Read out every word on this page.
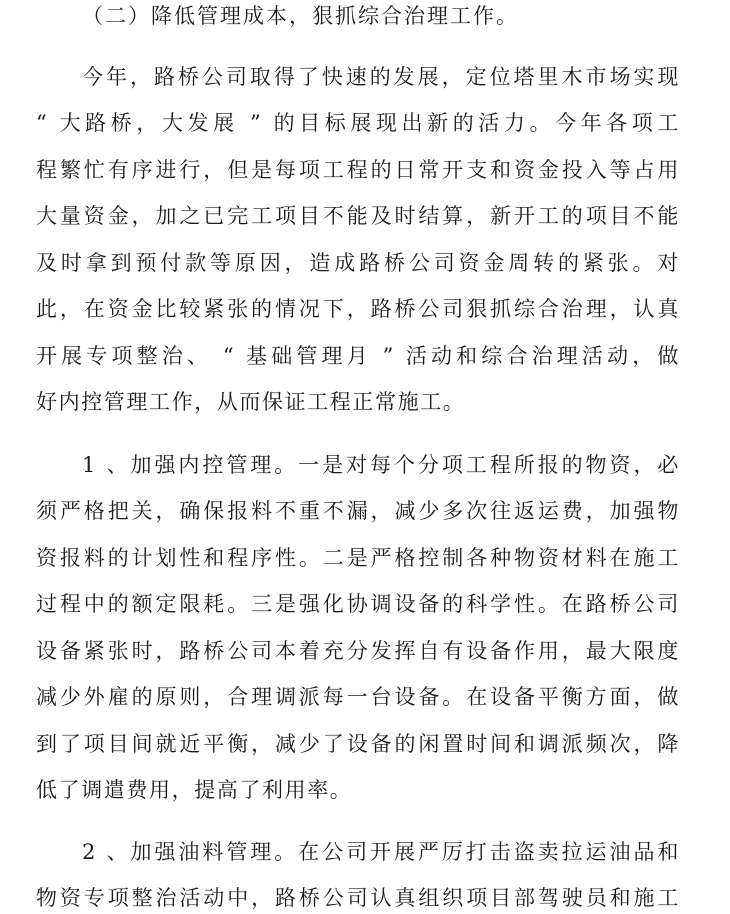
（二）降低管理成本，狠抓综合治理工作。
今年，路桥公司取得了快速的发展，定位塔里木市场实现
“ 大路桥，大发展 ” 的目标展现出新的活力。今年各项工
程繁忙有序进行，但是每项工程的日常开支和资金投入等占用
大量资金，加之已完工项目不能及时结算，新开工的项目不能
及时拿到预付款等原因，造成路桥公司资金周转的紧张。对
此，在资金比较紧张的情况下，路桥公司狠抓综合治理，认真
开展专项整治、 “ 基础管理月 ” 活动和综合治理活动，做
好内控管理工作，从而保证工程正常施工。
1 、加强内控管理。一是对每个分项工程所报的物资，必
须严格把关，确保报料不重不漏，减少多次往返运费，加强物
资报料的计划性和程序性。二是严格控制各种物资材料在施工
过程中的额定限耗。三是强化协调设备的科学性。在路桥公司
设备紧张时，路桥公司本着充分发挥自有设备作用，最大限度
减少外雇的原则，合理调派每一台设备。在设备平衡方面，做
到了项目间就近平衡，减少了设备的闲置时间和调派频次，降
低了调遣费用，提高了利用率。
2 、加强油料管理。在公司开展严厉打击盗卖拉运油品和
物资专项整治活动中，路桥公司认真组织项目部驾驶员和施工
